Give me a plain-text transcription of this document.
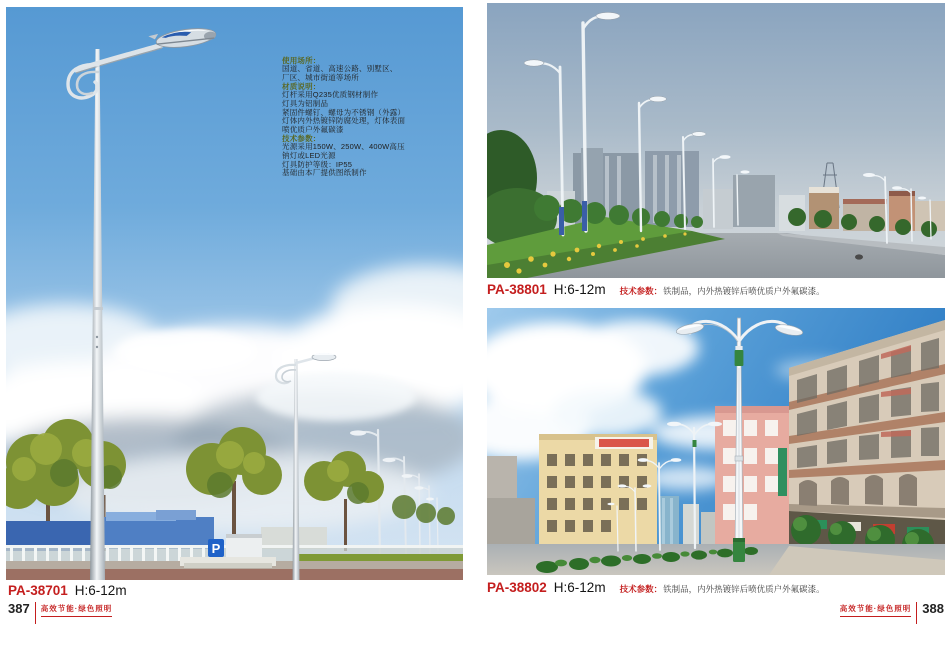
P
使用场所：
国道、省道、高速公路、别墅区、
厂区、城市街道等场所
材质说明：
灯杆采用Q235优质钢材制作
灯具为铝制品
紧固件螺钉、螺母为不锈钢（外露）
灯体内外热镀锌防腐处理，灯体表面
喷优质户外氟碳漆
技术参数：
光源采用150W、250W、400W高压
钠灯或LED光源
灯具防护等级：IP55
基础由本厂提供图纸制作
PA-38701 H:6-12m
PA-38801 H:6-12m 技术参数： 铁制品，内外热镀锌后喷优质户外氟碳漆。
PA-38802 H:6-12m 技术参数： 铁制品，内外热镀锌后喷优质户外氟碳漆。
387 高效节能·绿色照明	高效节能·绿色照明 388
